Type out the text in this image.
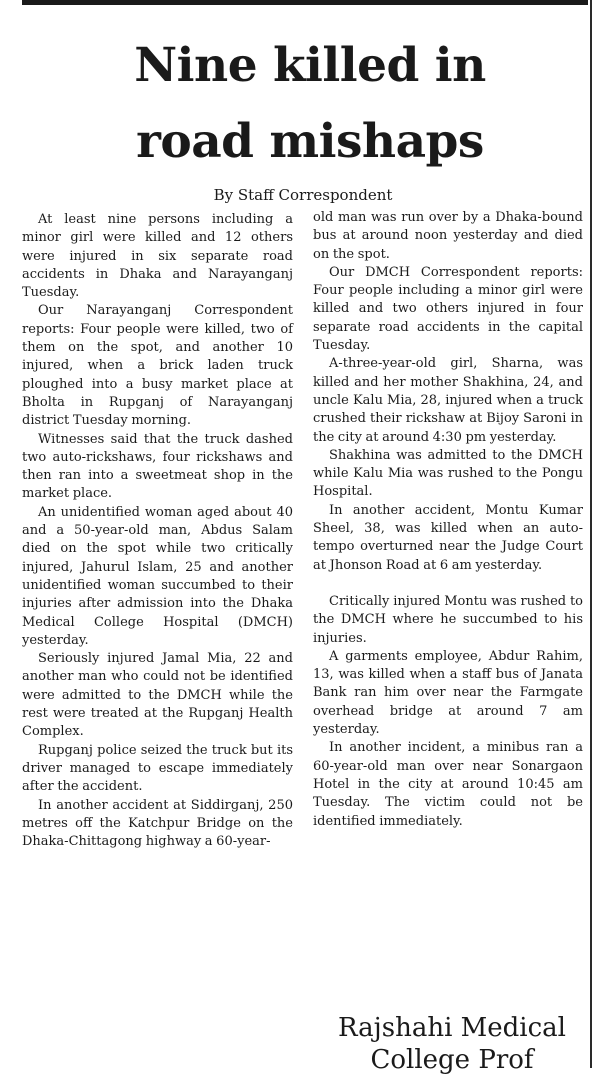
Nine killed in
road mishaps
By Staff Correspondent

At least nine persons including a minor girl were killed and 12 others were injured in six separate road accidents in Dhaka and Narayanganj Tuesday.

Our Narayanganj Correspondent reports: Four people were killed, two of them on the spot, and another 10 injured, when a brick laden truck ploughed into a busy market place at Bholta in Rupganj of Narayanganj district Tuesday morning.

Witnesses said that the truck dashed two auto-rickshaws, four rickshaws and then ran into a sweetmeat shop in the market place.

An unidentified woman aged about 40 and a 50-year-old man, Abdus Salam died on the spot while two critically injured, Jahurul Islam, 25 and another unidentified woman succumbed to their injuries after admission into the Dhaka Medical College Hospital (DMCH) yesterday.

Seriously injured Jamal Mia, 22 and another man who could not be identified were admitted to the DMCH while the rest were treated at the Rupganj Health Complex.

Rupganj police seized the truck but its driver managed to escape immediately after the accident.

In another accident at Siddirganj, 250 metres off the Katchpur Bridge on the Dhaka-Chittagong highway a 60-year-

old man was run over by a Dhaka-bound bus at around noon yesterday and died on the spot.

Our DMCH Correspondent reports: Four people including a minor girl were killed and two others injured in four separate road accidents in the capital Tuesday.

A-three-year-old girl, Sharna, was killed and her mother Shakhina, 24, and uncle Kalu Mia, 28, injured when a truck crushed their rickshaw at Bijoy Saroni in the city at around 4:30 pm yesterday.

Shakhina was admitted to the DMCH while Kalu Mia was rushed to the Pongu Hospital.

In another accident, Montu Kumar Sheel, 38, was killed when an auto-tempo overturned near the Judge Court at Jhonson Road at 6 am yesterday.

Critically injured Montu was rushed to the DMCH where he succumbed to his injuries.

A garments employee, Abdur Rahim, 13, was killed when a staff bus of Janata Bank ran him over near the Farmgate overhead bridge at around 7 am yesterday.

In another incident, a minibus ran a 60-year-old man over near Sonargaon Hotel in the city at around 10:45 am Tuesday. The victim could not be identified immediately.

Rajshahi Medical
College Prof
